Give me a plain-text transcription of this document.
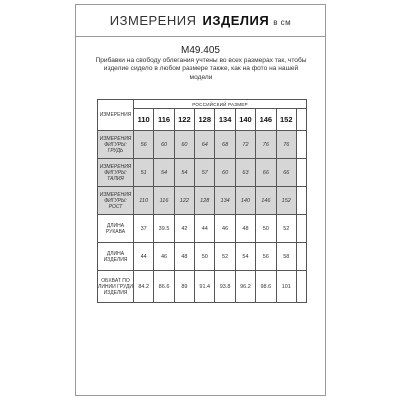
ИЗМЕРЕНИЯ ИЗДЕЛИЯ в см
М49.405
Прибавки на свободу облегания учтены во всех размерах так, чтобы изделие сидело в любом размере также, как на фото на нашей модели
ИЗМЕРЕНИЯ	РОССИЙСКИЙ РАЗМЕР								
	110	116	122	128	134	140	146	152	
ИЗМЕРЕНИЯ ФИГУРЫ: ГРУДЬ	56	60	60	64	68	72	76	76	
ИЗМЕРЕНИЯ ФИГУРЫ: ТАЛИЯ	51	54	54	57	60	63	66	66	
ИЗМЕРЕНИЯ ФИГУРЫ: РОСТ	110	116	122	128	134	140	146	152	
ДЛИНА РУКАВА	37	39.5	42	44	46	48	50	52	
ДЛИНА ИЗДЕЛИЯ	44	46	48	50	52	54	56	58	
ОБХВАТ ПО ЛИНИИ ГРУДИ ИЗДЕЛИЯ	84.2	86.6	89	91.4	93.8	96.2	98.6	101	
